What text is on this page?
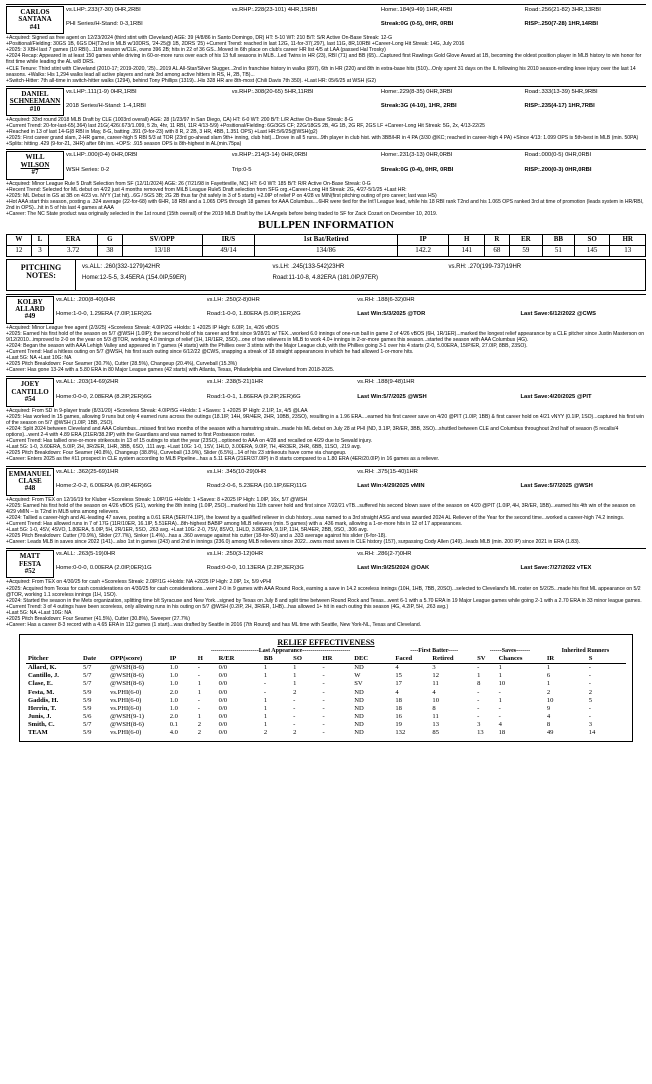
CARLOS
SANTANA
#41
vs.LHP:.233(7-30) 0HR,2RBI	vs.RHP:.228(23-101) 4HR,15RBI	Home:.184(9-49) 1HR,4RBI	Road:.256(21-82) 3HR,13RBI
PHI Series/H-Stand: 0-3,1RBI	Streak:0G (0-5), 0HR, 0RBI	RISP:.250(7-28) 1HR,14RBI

+Acquired: Signed as free agent on 12/23/2024 (third stint with Cleveland) AGE: 39 (4/8/86 in Santo Domingo, DR) HT: 5-10 WT: 210 B/T: S/R Active On-Base Streak: 12-G

+Positional/Fielding: 30GS 1B, 6GS DH(T2nd in MLB w/10DRS, '24-25@ 1B, 2DRS '25) +Current Trend: reached in last 12G, 11-for-37(.297), last 11G, 8R,10RBI +Career-Long Hit Streak: 14G, July 2016

+2025: 3 XBH last 7 games (10 RBI)...11th season w/CLE, owns 396 2B; hits in 22 of 36 GS...Moved in 6th place on club's career HR list 4/5 at LAA (passed Hal Trosky)

+2024 Recap: Appeared in at least 150 games while driving in 60-or-more runs over each of his 13 full seasons in MLB...Led Twins in HR (23), RBI (71) and BB (65)...Captured first Rawlings Gold Glove Award at 1B, becoming the oldest position player in MLB history to win honor for first time while leading the AL w/8 DRS.

+CLE Tenure: Third stint with Cleveland (2010-17; 2019-2020, '25)...2019 AL All-Star/Silver Slugger...2nd in franchise history in walks (897), 6th in HR (220) and 8th in extra-base hits (510)...Only spent 31 days on the IL following his 2010 season-ending knee injury over the last 14 seasons. +Walks: His 1,294 walks lead all active players and rank 3rd among active hitters in RS, H, 2B, TB)...

+Switch-Hitter: 7th all-time in switch-hitter walks (1294), behind Tony Phillips (1319)...His 328 HR are 8th-most (Chili Davis 7th 350). +Last HR: 05/6/25 at WSH (G2)

DANIEL
SCHNEEMANN
#10
vs.LHP:.111(1-9) 0HR,1RBI	vs.RHP:.308(20-65) 5HR,11RBI	Home:.229(8-35) 0HR,3RBI	Road:.333(13-39) 5HR,9RBI
2018 Series/H-Stand: 1-4,1RBI	Streak:3G (4-10), 1HR, 2RBI	RISP:.235(4-17) 1HR,7RBI

+Acquired: 33rd round 2018 MLB Draft by CLE (1003rd overall) AGE: 28 (1/23/97 in San Diego, CA) HT: 6-0 WT: 200 B/T: L/R Active On-Base Streak: 8-G

+Current Trend: 20-for-last-65(.364) last 21G(.426/.673/1.099, 5 2b, 4hr, 11 RBI, 11R 4/13-5/9) +Positional/Fielding: 6G/3GS CF; 22G/18GS 2B, 4G 1B, 2G RF, 2GS LF +Career-Long Hit Streak: 5G, 2x, 4/13-22/25

+Reached in 13 of last 14-G(8 RBI in May, 8-G, batting .391 (9-for-23) with 8 R, 2 2B, 3 HR, 4BB, 1.351 OPS) +Last HR:5/6/25@WSH(g2)

+2025: First career grand slam, 2-HR game, career-high 5 RBI 5/3 at TOR (23rd go-ahead slam 9th+ inning, club hist)...Drove in all 5 runs...9th player in club hist. with 3BB/HR in 4 PA (3/30 @KC; reached in career-high 4 PA) +Since 4/13: 1.099 OPS is 5th-best in MLB (min. 50PA) +Splits: hitting .429 (9-for-21, 3HR) after 6th inn. +OPS: .915 season OPS is 8th-highest in AL(min.75pa)

WILL
WILSON
#7
vs.LHP:.000(0-4) 0HR,0RBI	vs.RHP:.214(3-14) 0HR,0RBI	Home:.231(3-13) 0HR,0RBI	Road:.000(0-5) 0HR,0RBI
WSH Series: 0-2	Trip:0-5	Streak:0G (0-4), 0HR, 0RBI	RISP:.200(0-3) 0HR,0RBI

+Acquired: Minor League Rule 5 Draft Selection from SF (12/11/2024) AGE: 26 (7/21/98 in Fayetteville, NC) HT: 6-0 WT: 185 B/T: R/R Active On-Base Streak: 0-G

+Recent Trend: Selected for ML debut on 4/22 just 4 months removed from MiLB League Rule5 Draft selection from SFG org.+Career-Long Hit Streak: 2G, 4/27-5/1/25 +Last HR:

+2025: ML Debut in GS at 3B on 4/23 vs. NYY (1st hit)...6G / 5GS 3B; 2G 2B thus far (hit safely in 3 of 5 starts) +2.0IP of relief P on 4/28 vs MIN(first pitching outing of pro career; last was HS)

+Hot AAA start this season, posting a .324 average (22-for-68) with 6HR, 18 RBI and a 1.065 OPS through 18 games for AAA Columbus....6HR were tied for the Int'l League lead, while his 18 RBI rank T2nd and his 1.065 OPS ranked 3rd at time of promotion (leads system in HR/RBI, 2nd in OPS)...hit in 5 of his last 4 games at AAA

+Career: The NC State product was originally selected in the 1st round (15th overall) of the 2019 MLB Draft by the LA Angels before being traded to SF for Zack Cozart on December 10, 2019.

BULLPEN INFORMATION
W	L	ERA	G	SV/OPP	IR/S	1st Bat/Retired	IP	H	R	ER	BB	SO	HR
12	3	3.72	38	13/18	49/14	134/86	142.2	141	68	59	51	145	13
PITCHING
NOTES:
vs.ALL: .260(332-1279)42HR	vs.LH: .245(133-542)23HR	vs.RH: .270(199-737)19HR
Home:12-5-5, 3.45ERA (154.0IP,59ER)	Road:11-10-8, 4.82ERA (181.0IP,97ER)
KOLBY
ALLARD
#49
vs.ALL: .200(8-40)0HR	vs.LH: .250(2-8)0HR	vs.RH: .188(6-32)0HR
Home:1-0-0, 1.29ERA (7.0IP,1ER)2G	Road:1-0-0, 1.80ERA (5.0IP,1ER)2G	Last Win:5/3/2025 @TOR	Last Save:6/12/2022 @CWS

+Acquired: Minor League free agent (2/3/25) +Scoreless Streak: 4.0IP/2G +Holds: 1 +2025 IP High: 6.0IP, 1x, 4/26 vBOS

+2025: Earned his first hold of the season on 5/7 @WSH (1.0IP); the second hold of his career and first since 9/28/21 w/ TEX...worked 6.0 innings of one-run ball in game 2 of 4/26 vBOS (6H, 1R/1ER)...marked the longest relief appearance by a CLE pitcher since Justin Masterson on 9/12/2010...improved to 2-0 on the year on 5/3 @TOR, working 4.0 innings of relief (1H, 1R/1ER, 3SO)...one of two relievers in MLB to work 4.0+ innings in 2-or-more games this season...started the season with AAA Columbus (4G).

+2024: Began the season with AAA Lehigh Valley and appeared in 7 games (4 starts) with the Phillies over 3 stints with the Major League club, with the Phillies going 3-1 over his 4 starts (2-0, 5.00ERA, 15IP/ER, 27.0IP, 8BB, 23SO).

+Current Trend: Had a hitless outing on 5/7 @WSH, his first such outing since 6/12/22 @CWS, snapping a streak of 18 straight appearances in which he had allowed 1-or-more hits.

+Last 5G: NA +Last 10G: NA

+2025 Pitch Breakdown: Four Seamer (30.7%), Cutter (28.5%), Changeup (20.4%), Curveball (15.3%)

+Career: Has gone 13-24 with a 5.80 ERA in 80 Major League games (42 starts) with Atlanta, Texas, Philadelphia and Cleveland from 2018-2025.

JOEY
CANTILLO
#54
vs.ALL: .203(14-69)2HR	vs.LH: .238(5-21)1HR	vs.RH: .188(9-48)1HR
Home:0-0-0, 2.08ERA (8.2IP,2ER)6G	Road:1-0-1, 1.86ERA (9.2IP,2ER)6G	Last Win:5/7/2025 @WSH	Last Save:4/20/2025 @PIT

+Acquired: From SD in 9-player trade (8/31/20) +Scoreless Streak: 4.0IP/5G +Holds: 1 +Saves: 1 +2025 IP High: 2.1IP, 1x, 4/5 @LAA

+2025: Has worked in 15 games, allowing 9 runs but only 4 earned runs across the outings (18.1IP, 14H, 9R/4ER, 2HR, 10BB, 23SO), resulting in a 1.96 ERA....earned his first career save on 4/20 @PIT (1.0IP, 1BB) & first career hold on 4/21 vNYY (0.1IP, 1SO)...captured his first win of the season on 5/7 @WSH (1.0IP, 1BB, 2SO).

+2024: Split 2024 between Cleveland and AAA Columbus...missed first two months of the season with a hamstring strain...made his ML debut on July 28 at PHI (ND, 3.1IP, 3R/ER, 3BB, 3SO)...shuttled between CLE and Columbus throughout 2nd half of season (5 recalls/4 options)...went 2-4 with 4.89 ERA (21ER/38.2IP) with the Guardians and was named to first Postseason roster.

+Current Trend: Has tallied one-or-more strikeouts in 13 of 15 outings to start the year (23SO)...optioned to AAA on 4/28 and recalled on 4/29 due to Sewald injury.

+Last 5G: 1-0, 3.60ERA, 5.0IP, 2H, 3R/2ER, 1HR, 3BB, 6SO, .111 avg. +Last 10G: 1-0, 1SV, 1HLD, 3.00ERA, 9.0IP, 7H, 4R/3ER, 2HR, 6BB, 11SO, .219 avg.

+2025 Pitch Breakdown: Four Seamer (40.8%), Changeup (38.8%), Curveball (13.9%), Slider (6.5%)...14 of his 23 strikeouts have come via changeup.

+Career: Enters 2025 as the #11 prospect in CLE system according to MLB Pipeline...has a 5.11 ERA (21ER/37.0IP) in 8 starts compared to a 1.80 ERA (4ER/20.0IP) in 16 games as a reliever.

EMMANUEL
CLASE
#48
vs.ALL: .362(25-69)1HR	vs.LH: .345(10-29)0HR	vs.RH: .375(15-40)1HR
Home:2-0-2, 6.00ERA (6.0IP,4ER)6G	Road:2-0-6, 5.23ERA (10.1IP,6ER)11G	Last Win:4/29/2025 vMIN	Last Save:5/7/2025 @WSH

+Acquired: From TEX on 12/16/19 for Kluber +Scoreless Streak: 1.0IP/1G +Holds: 1 +Saves: 8 +2025 IP High: 1.0IP, 16x, 5/7 @WSH

+2025: Earned his first hold of the season on 4/26 vBOS (G1), working the 8th inning (1.0IP, 2SO)...marked his 11th career hold and first since 7/22/21 vTB...suffered his second blown save of the season on 4/20 @PIT (1.0IP, 4H, 3R/ER, 1BB)...earned his 4th win of the season on 4/29 vMIN – is T2nd in MLB wins among relievers.

+2024: Tallied a career-high and AL-leading 47 saves, posting a 0.61 ERA (5ER/74.1IP), the lowest by a qualified reliever in club history...was named to a 3rd straight ASG and was awarded 2024 AL Reliever of the Year for the second time...worked a career-high 74.2 innings.

+Current Trend: Has allowed runs in 7 of 17G (11R/10ER, 16.1IP, 5.51ERA)...8th-highest BABIP among MLB relievers (min. 5 games) with a .436 mark, allowing a 1-or-more hits in 12 of 17 appearances.

+Last 5G: 1-0, 4SV, 4SVO, 1.80ERA, 5.0IP, 5H, 2R/1ER, 5SO, .263 avg. +Last 10G: 2-0, 7SV, 8SVO, 1HLD, 3.86ERA, 9.1IP, 11H, 5R/4ER, 2BB, 9SO, .306 avg.

+2025 Pitch Breakdown: Cutter (70.9%), Slider (27.7%), Sinker (1.4%)...has a .360 average against his cutter (18-for-50) and a .333 average against his slider (6-for-18).

+Career: Leads MLB in saves since 2022 (141)...also 1st in games (243) and 2nd in innings (236.0) among MLB relievers since 2022...owns most saves in CLE history (157), surpassing Cody Allen (149)...leads MLB (min. 200 IP) since 2021 in ERA (1.83).

MATT
FESTA
#52
vs.ALL: .263(5-19)0HR	vs.LH: .250(3-12)0HR	vs.RH: .286(2-7)0HR
Home:0-0-0, 0.00ERA (2.0IP,0ER)1G	Road:0-0-0, 10.13ERA (2.2IP,3ER)3G	Last Win:9/25/2024 @OAK	Last Save:7/27/2022 vTEX

+Acquired: From TEX on 4/30/25 for cash +Scoreless Streak: 2.0IP/1G +Holds: NA +2025 IP High: 2.0IP, 1x, 5/9 vPHI

+2025: Acquired from Texas for cash considerations on 4/30/25 for cash considerations...went 2-0 in 9 games with AAA Round Rock, earning a save in 14.2 scoreless innings (10H, 1HB, 7BB, 20SO)...selected to Cleveland's ML roster on 5/2/25...made his first ML appearance on 5/2 @TOR, working 1.1 scoreless innings (1H, 1SO).

+2024: Started the season in the Mets organization, splitting time b/t Syracuse and New York...signed by Texas on July 8 and split time between Round Rock and Texas...went 6-1 with a 5.70 ERA in 19 Major League games while going 2-1 with a 2.70 ERA in 33 minor league games.

+Current Trend: 3 of 4 outings have been scoreless, only allowing runs in his outing on 5/7 @WSH (0.2IP, 2H, 3R/ER, 1HB)...has allowed 1+ hit in each outing this season (4G, 4.2IP, 5H, .263 avg.)

+Last 5G: NA +Last 10G: NA

+2025 Pitch Breakdown: Four Seamer (41.5%), Cutter (30.8%), Sweeper (27.7%)

+Career: Has a career 8-3 record with a 4.65 ERA in 112 games (1 start)...was drafted by Seattle in 2016 (7th Round) and has ML time with Seattle, New York-NL, Texas and Cleveland.

RELIEF EFFECTIVENESS
			------------------------Last Appearance------------------------							----First Batter-----		------Saves-------		Inherited Runners	
Pitcher	Date	OPP(score)	IP	H	R/ER	BB	SO	HR	DEC	Faced	Retired	SV	Chances	IR	S
Allard, K.	5/7	@WSH(8-6)	1.0	-	0/0	1	1	-	ND	4	3	-	1	1	-
Cantillo, J.	5/7	@WSH(8-6)	1.0	-	0/0	1	1	-	W	15	12	1	1	6	-
Clase, E.	5/7	@WSH(8-6)	1.0	1	0/0	-	1	-	SV	17	11	8	10	1	-
Festa, M.	5/9	vs.PHI(6-0)	2.0	1	0/0	-	2	-	ND	4	4	-	-	2	2
Gaddis, H.	5/9	vs.PHI(6-0)	1.0	-	0/0	1	-	-	ND	18	10	-	1	10	5
Herrin, T.	5/9	vs.PHI(6-0)	1.0	-	0/0	1	-	-	ND	18	8	-	-	9	-
Junis, J.	5/6	@WSH(9-1)	2.0	1	0/0	1	-	-	ND	16	11	-	-	4	-
Smith, C.	5/7	@WSH(8-6)	0.1	2	0/0	1	-	-	ND	19	13	3	4	8	3
TEAM	5/9	vs.PHI(6-0)	4.0	2	0/0	2	2	-	ND	132	85	13	18	49	14
